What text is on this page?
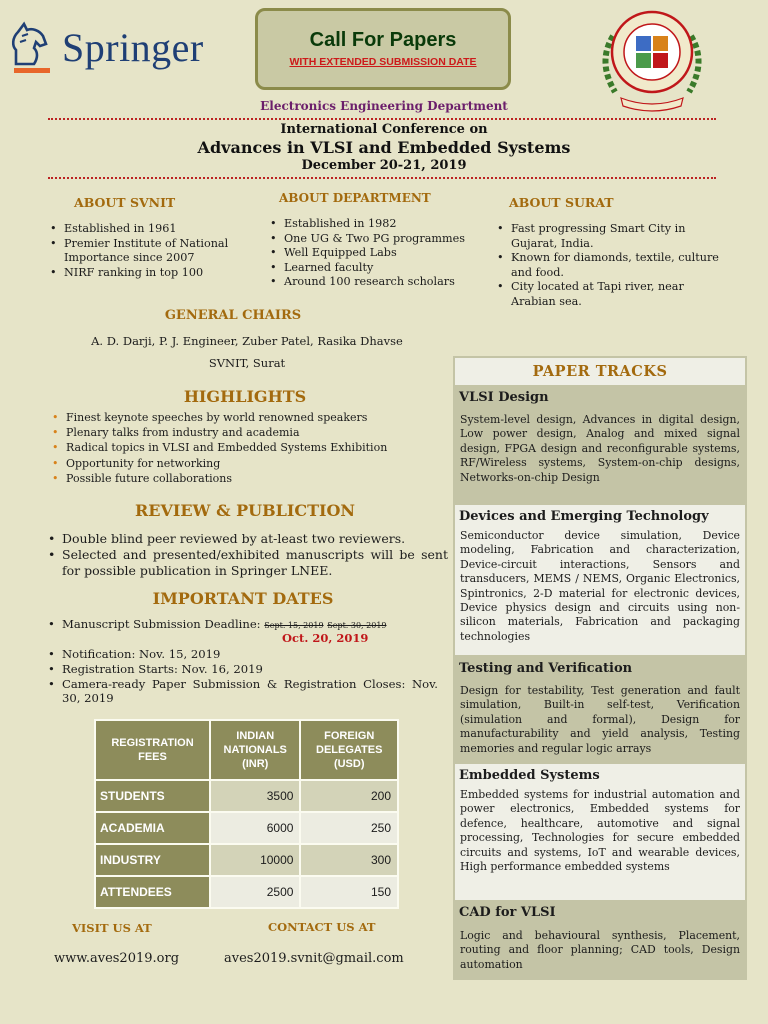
Springer	Call For Papers
WITH EXTENDED SUBMISSION DATE
Electronics Engineering Department
International Conference on
Advances in VLSI and Embedded Systems
December 20-21, 2019
ABOUT SVNIT
• Established in 1961
• Premier Institute of National Importance since 2007
• NIRF ranking in top 100
ABOUT DEPARTMENT
• Established in 1982
• One UG & Two PG programmes
• Well Equipped Labs
• Learned faculty
• Around 100 research scholars
ABOUT SURAT
• Fast progressing Smart City in Gujarat, India.
• Known for diamonds, textile, culture and food.
• City located at Tapi river, near Arabian sea.
GENERAL CHAIRS
A. D. Darji, P. J. Engineer, Zuber Patel, Rasika Dhavse
SVNIT, Surat
HIGHLIGHTS
• Finest keynote speeches by world renowned speakers
• Plenary talks from industry and academia
• Radical topics in VLSI and Embedded Systems Exhibition
• Opportunity for networking
• Possible future collaborations
REVIEW & PUBLICTION
• Double blind peer reviewed by at-least two reviewers.
• Selected and presented/exhibited manuscripts will be sent for possible publication in Springer LNEE.
IMPORTANT DATES
• Manuscript Submission Deadline: Sept. 15, 2019 Sept. 30, 2019
Oct. 20, 2019
• Notification: Nov. 15, 2019
• Registration Starts: Nov. 16, 2019
• Camera-ready Paper Submission & Registration Closes: Nov. 30, 2019
REGISTRATION FEES	INDIAN NATIONALS (INR)	FOREIGN DELEGATES (USD)
STUDENTS	3500	200
ACADEMIA	6000	250
INDUSTRY	10000	300
ATTENDEES	2500	150
VISIT US AT	CONTACT US AT
www.aves2019.org	aves2019.svnit@gmail.com
PAPER TRACKS
VLSI Design
System-level design, Advances in digital design, Low power design, Analog and mixed signal design, FPGA design and reconfigurable systems, RF/Wireless systems, System-on-chip designs, Networks-on-chip Design
Devices and Emerging Technology
Semiconductor device simulation, Device modeling, Fabrication and characterization, Device-circuit interactions, Sensors and transducers, MEMS / NEMS, Organic Electronics, Spintronics, 2-D material for electronic devices, Device physics design and circuits using non- silicon materials, Fabrication and packaging technologies
Testing and Verification
Design for testability, Test generation and fault simulation, Built-in self-test, Verification (simulation and formal), Design for manufacturability and yield analysis, Testing memories and regular logic arrays
Embedded Systems
Embedded systems for industrial automation and power electronics, Embedded systems for defence, healthcare, automotive and signal processing, Technologies for secure embedded circuits and systems, IoT and wearable devices, High performance embedded systems
CAD for VLSI
Logic and behavioural synthesis, Placement, routing and floor planning; CAD tools, Design automation
